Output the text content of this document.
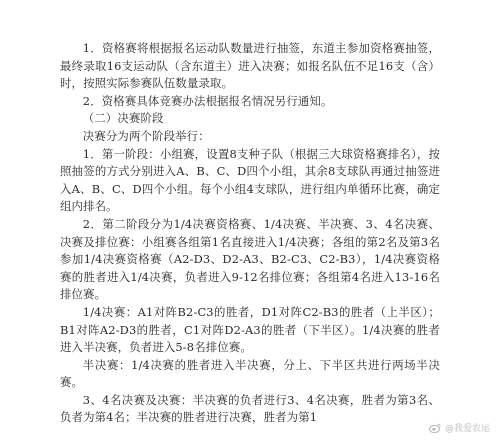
1．资格赛将根据报名运动队数量进行抽签，东道主参加资格赛抽签，最终录取16支运动队（含东道主）进入决赛；如报名队伍不足16支（含）时，按照实际参赛队伍数量录取。

2．资格赛具体竞赛办法根据报名情况另行通知。

（二）决赛阶段

决赛分为两个阶段举行：

1．第一阶段：小组赛，设置8支种子队（根据三大球资格赛排名），按照抽签的方式分别进入A、B、C、D四个小组，其余8支球队再通过抽签进入A、B、C、D四个小组。每个小组4支球队，进行组内单循环比赛，确定组内排名。

2．第二阶段分为1/4决赛资格赛、1/4决赛、半决赛、3、4名决赛、决赛及排位赛：小组赛各组第1名直接进入1/4决赛；各组的第2名及第3名参加1/4决赛资格赛（A2-D3、D2-A3、B2-C3、C2-B3），1/4决赛资格赛的胜者进入1/4决赛，负者进入9-12名排位赛；各组第4名进入13-16名排位赛。

1/4决赛：A1对阵B2-C3的胜者，D1对阵C2-B3的胜者（上半区）；B1对阵A2-D3的胜者，C1对阵D2-A3的胜者（下半区）。1/4决赛的胜者进入半决赛，负者进入5-8名排位赛。

半决赛：1/4决赛的胜者进入半决赛，分上、下半区共进行两场半决赛。

3、4名决赛及决赛：半决赛的负者进行3、4名决赛，胜者为第3名、负者为第4名；半决赛的胜者进行决赛，胜者为第1

@我爱农运
